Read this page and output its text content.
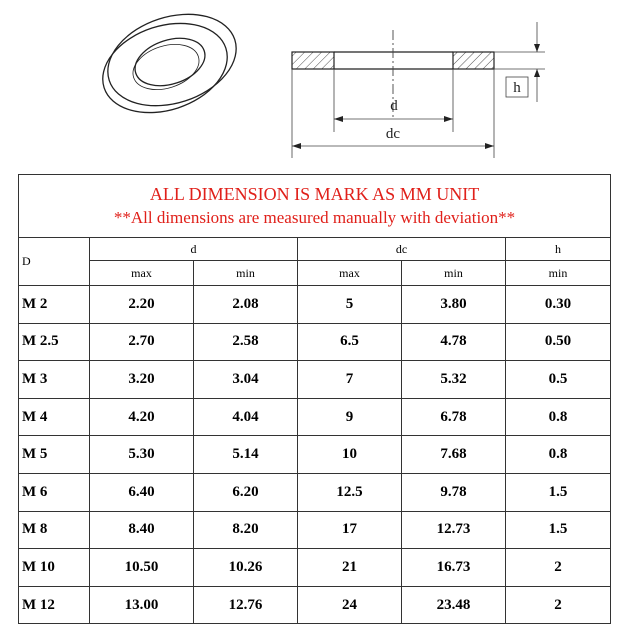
d
dc
h
ALL DIMENSION IS MARK AS MM UNIT
**All dimensions are measured manually with deviation**					

D	d		dc		h
	max	min	max	min	min
M 2	2.20	2.08	5	3.80	0.30
M 2.5	2.70	2.58	6.5	4.78	0.50
M 3	3.20	3.04	7	5.32	0.5
M 4	4.20	4.04	9	6.78	0.8
M 5	5.30	5.14	10	7.68	0.8
M 6	6.40	6.20	12.5	9.78	1.5
M 8	8.40	8.20	17	12.73	1.5
M 10	10.50	10.26	21	16.73	2
M 12	13.00	12.76	24	23.48	2
